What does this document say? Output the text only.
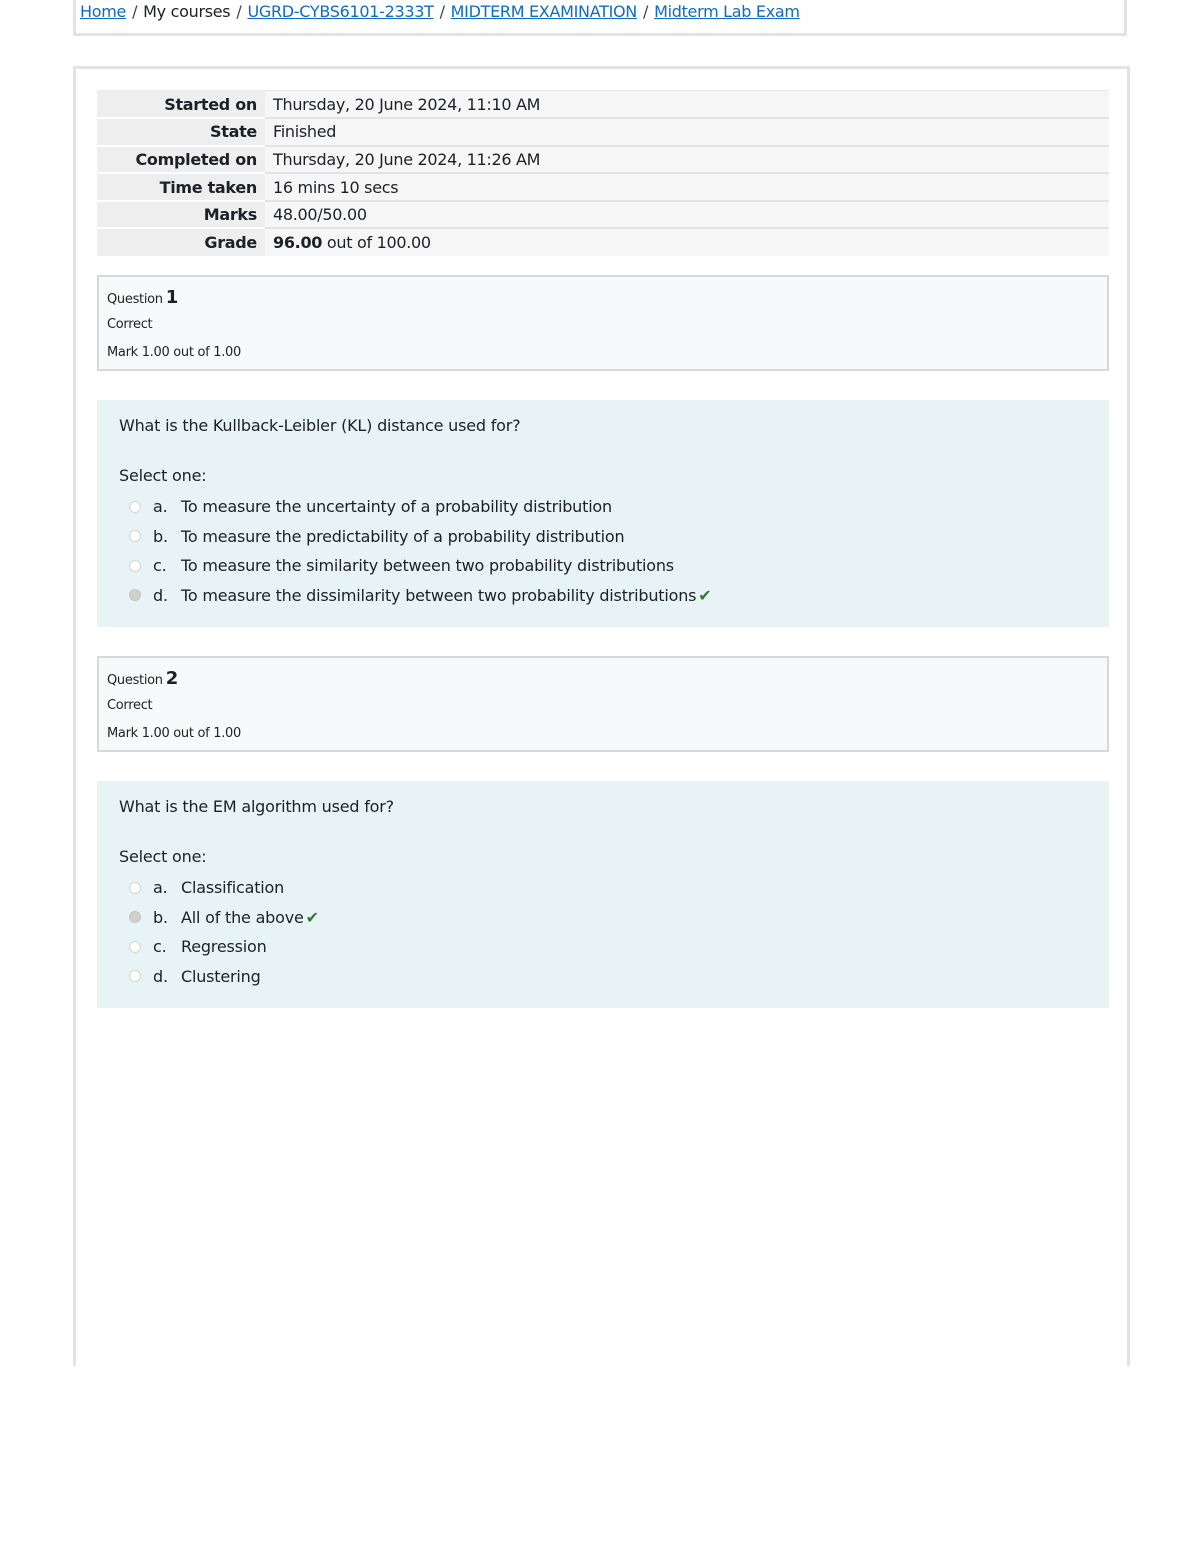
Home / My courses / UGRD-CYBS6101-2333T / MIDTERM EXAMINATION / Midterm Lab Exam
Started on	Thursday, 20 June 2024, 11:10 AM
State	Finished
Completed on	Thursday, 20 June 2024, 11:26 AM
Time taken	16 mins 10 secs
Marks	48.00/50.00
Grade	96.00 out of 100.00
Question 1
Correct
Mark 1.00 out of 1.00
What is the Kullback-Leibler (KL) distance used for?
Select one:
a. To measure the uncertainty of a probability distribution
b. To measure the predictability of a probability distribution
c. To measure the similarity between two probability distributions
d. To measure the dissimilarity between two probability distributions ✔
Question 2
Correct
Mark 1.00 out of 1.00
What is the EM algorithm used for?
Select one:
a. Classification
b. All of the above ✔
c. Regression
d. Clustering
